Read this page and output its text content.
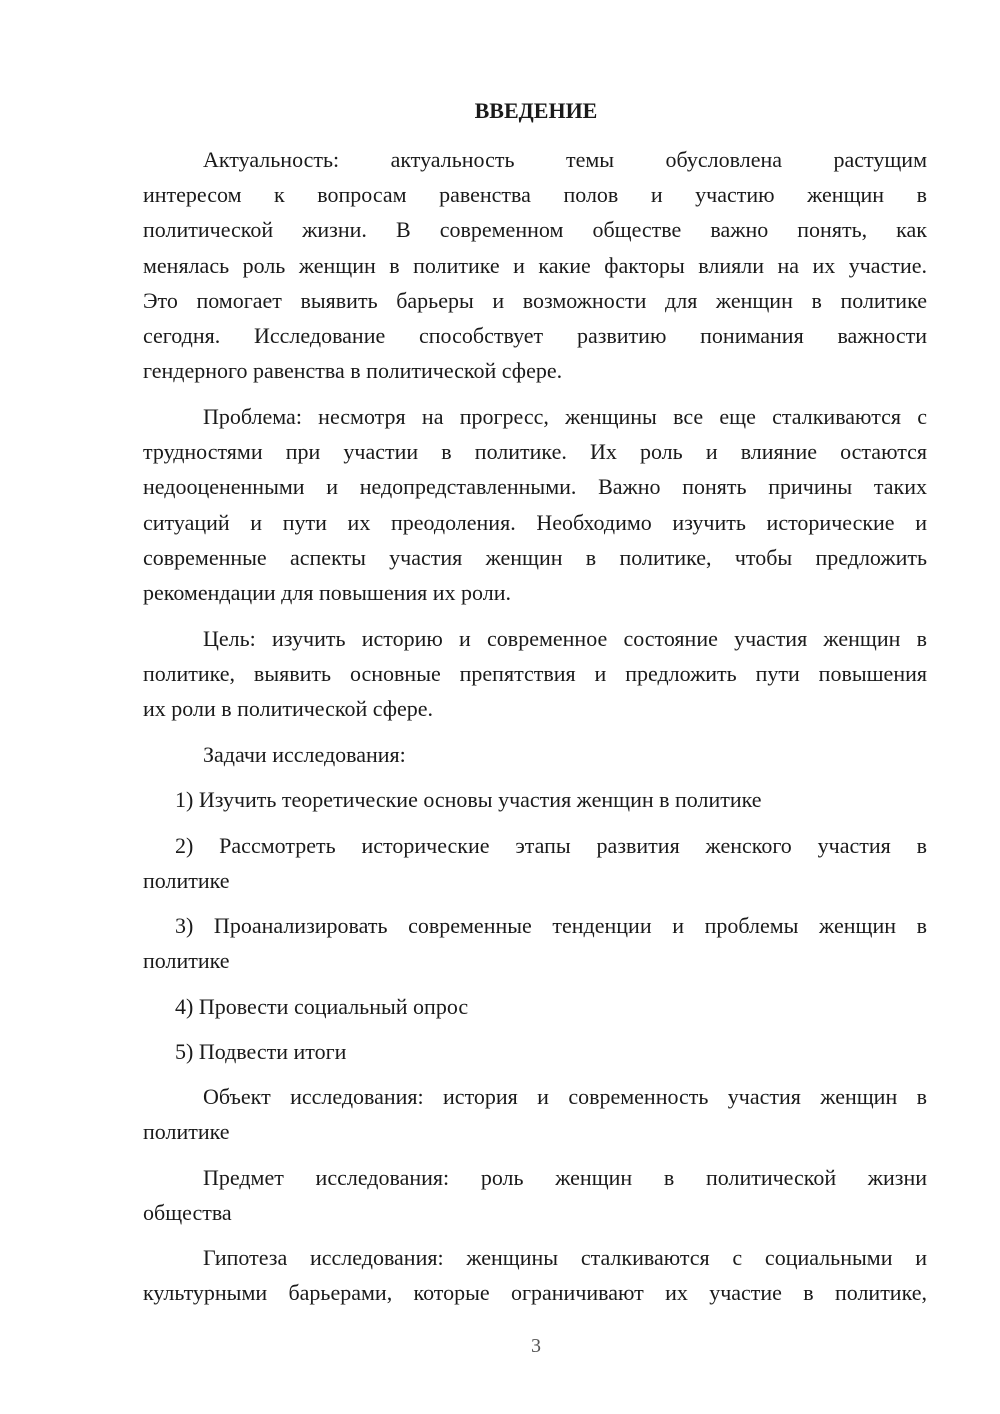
ВВЕДЕНИЕ
Актуальность: актуальность темы обусловлена растущим
интересом к вопросам равенства полов и участию женщин в
политической жизни. В современном обществе важно понять, как
менялась роль женщин в политике и какие факторы влияли на их участие.
Это помогает выявить барьеры и возможности для женщин в политике
сегодня. Исследование способствует развитию понимания важности
гендерного равенства в политической сфере.
Проблема: несмотря на прогресс, женщины все еще сталкиваются с
трудностями при участии в политике. Их роль и влияние остаются
недооцененными и недопредставленными. Важно понять причины таких
ситуаций и пути их преодоления. Необходимо изучить исторические и
современные аспекты участия женщин в политике, чтобы предложить
рекомендации для повышения их роли.
Цель: изучить историю и современное состояние участия женщин в
политике, выявить основные препятствия и предложить пути повышения
их роли в политической сфере.
Задачи исследования:
1) Изучить теоретические основы участия женщин в политике
2) Рассмотреть исторические этапы развития женского участия в
политике
3) Проанализировать современные тенденции и проблемы женщин в
политике
4) Провести социальный опрос
5) Подвести итоги
Объект исследования: история и современность участия женщин в
политике
Предмет исследования: роль женщин в политической жизни
общества
Гипотеза исследования: женщины сталкиваются с социальными и
культурными барьерами, которые ограничивают их участие в политике,
3
